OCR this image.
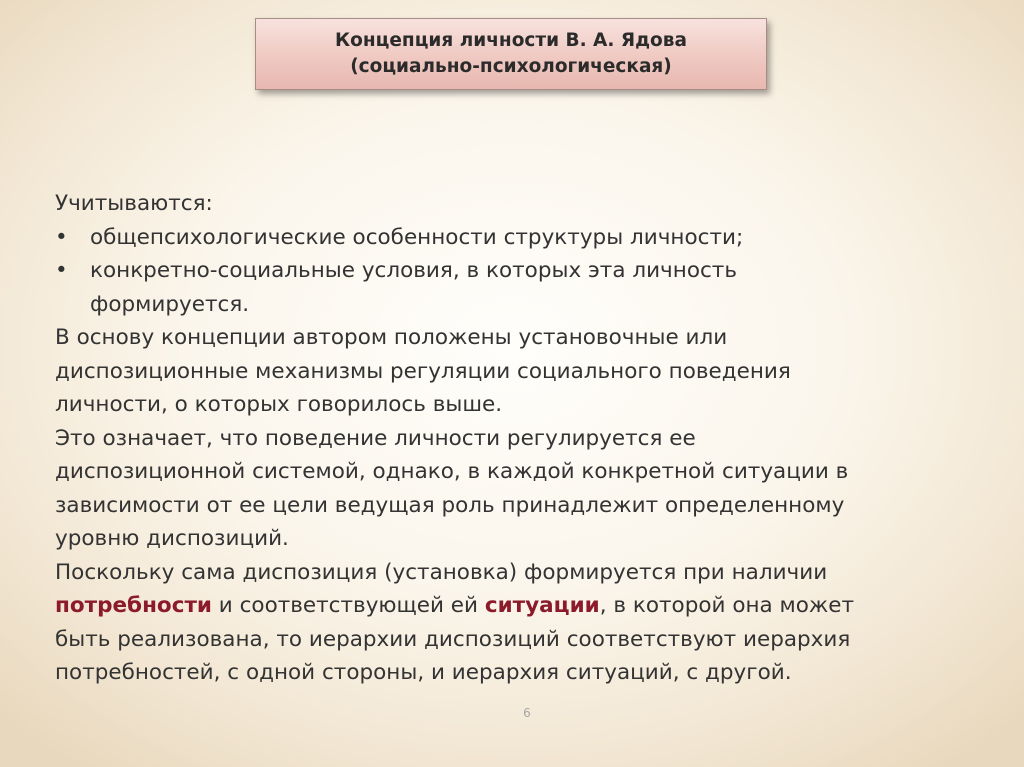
Концепция личности В. А. Ядова
(социально-психологическая)
Учитываются:
•	общепсихологические особенности структуры личности;
•	конкретно-социальные условия, в которых эта личность
формируется.
В основу концепции автором положены установочные или
диспозиционные механизмы регуляции социального поведения
личности, о которых говорилось выше.
Это означает, что поведение личности регулируется ее
диспозиционной системой, однако, в каждой конкретной ситуации в
зависимости от ее цели ведущая роль принадлежит определенному
уровню диспозиций.
Поскольку сама диспозиция (установка) формируется при наличии
потребности и соответствующей ей ситуации, в которой она может
быть реализована, то иерархии диспозиций соответствуют иерархия
потребностей, с одной стороны, и иерархия ситуаций, с другой.
6
